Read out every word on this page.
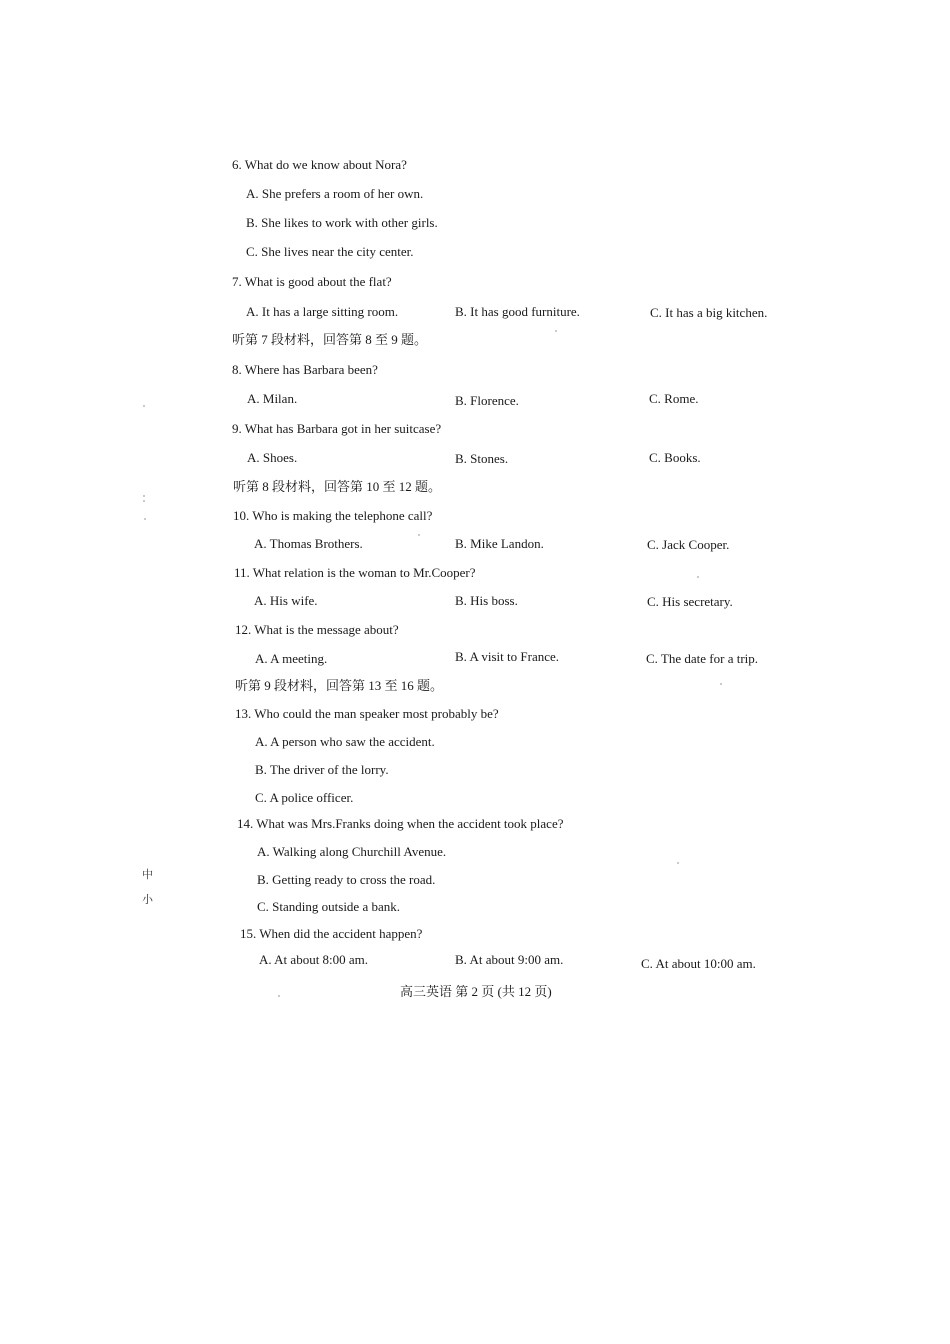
6. What do we know about Nora?
A. She prefers a room of her own.
B. She likes to work with other girls.
C. She lives near the city center.
7. What is good about the flat?
A. It has a large sitting room.	B. It has good furniture.	C. It has a big kitchen.
听第 7 段材料，回答第 8 至 9 题。
8. Where has Barbara been?
A. Milan.	B. Florence.	C. Rome.
9. What has Barbara got in her suitcase?
A. Shoes.	B. Stones.	C. Books.
听第 8 段材料，回答第 10 至 12 题。
10. Who is making the telephone call?
A. Thomas Brothers.	B. Mike Landon.	C. Jack Cooper.
11. What relation is the woman to Mr.Cooper?
A. His wife.	B. His boss.	C. His secretary.
12. What is the message about?
A. A meeting.	B. A visit to France.	C. The date for a trip.
听第 9 段材料，回答第 13 至 16 题。
13. Who could the man speaker most probably be?
A. A person who saw the accident.
B. The driver of the lorry.
C. A police officer.
14. What was Mrs.Franks doing when the accident took place?
A. Walking along Churchill Avenue.
B. Getting ready to cross the road.
C. Standing outside a bank.
15. When did the accident happen?
A. At about 8:00 am.	B. At about 9:00 am.	C. At about 10:00 am.
高三英语 第 2 页 (共 12 页)
中
小
